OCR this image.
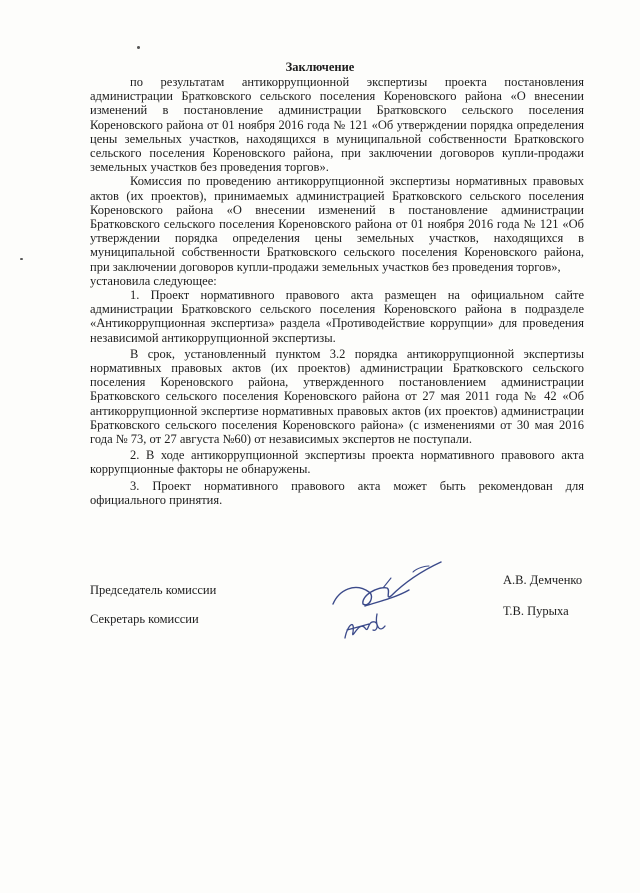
Заключение

по результатам антикоррупционной экспертизы проекта постановления администрации Братковского сельского поселения Кореновского района «О внесении изменений в постановление администрации Братковского сельского поселения Кореновского района от 01 ноября 2016 года № 121 «Об утверждении порядка определения цены земельных участков, находящихся в муниципальной собственности Братковского сельского поселения Кореновского района, при заключении договоров купли-продажи земельных участков без проведения торгов».

Комиссия по проведению антикоррупционной экспертизы нормативных правовых актов (их проектов), принимаемых администрацией Братковского сельского поселения Кореновского района «О внесении изменений в постановление администрации Братковского сельского поселения Кореновского района от 01 ноября 2016 года № 121 «Об утверждении порядка определения цены земельных участков, находящихся в муниципальной собственности Братковского сельского поселения Кореновского района, при заключении договоров купли-продажи земельных участков без проведения торгов»,

установила следующее:

1. Проект нормативного правового акта размещен на официальном сайте администрации Братковского сельского поселения Кореновского района в подразделе «Антикоррупционная экспертиза» раздела «Противодействие коррупции» для проведения независимой антикоррупционной экспертизы.

В срок, установленный пунктом 3.2 порядка антикоррупционной экспертизы нормативных правовых актов (их проектов) администрации Братковского сельского поселения Кореновского района, утвержденного постановлением администрации Братковского сельского поселения Кореновского района от 27 мая 2011 года № 42 «Об антикоррупционной экспертизе нормативных правовых актов (их проектов) администрации Братковского сельского поселения Кореновского района» (с изменениями от 30 мая 2016 года № 73, от 27 августа №60) от независимых экспертов не поступали.

2. В ходе антикоррупционной экспертизы проекта нормативного правового акта коррупционные факторы не обнаружены.

3. Проект нормативного правового акта может быть рекомендован для официального принятия.

Председатель комиссии
А.В. Демченко
Секретарь комиссии
Т.В. Пурыха
